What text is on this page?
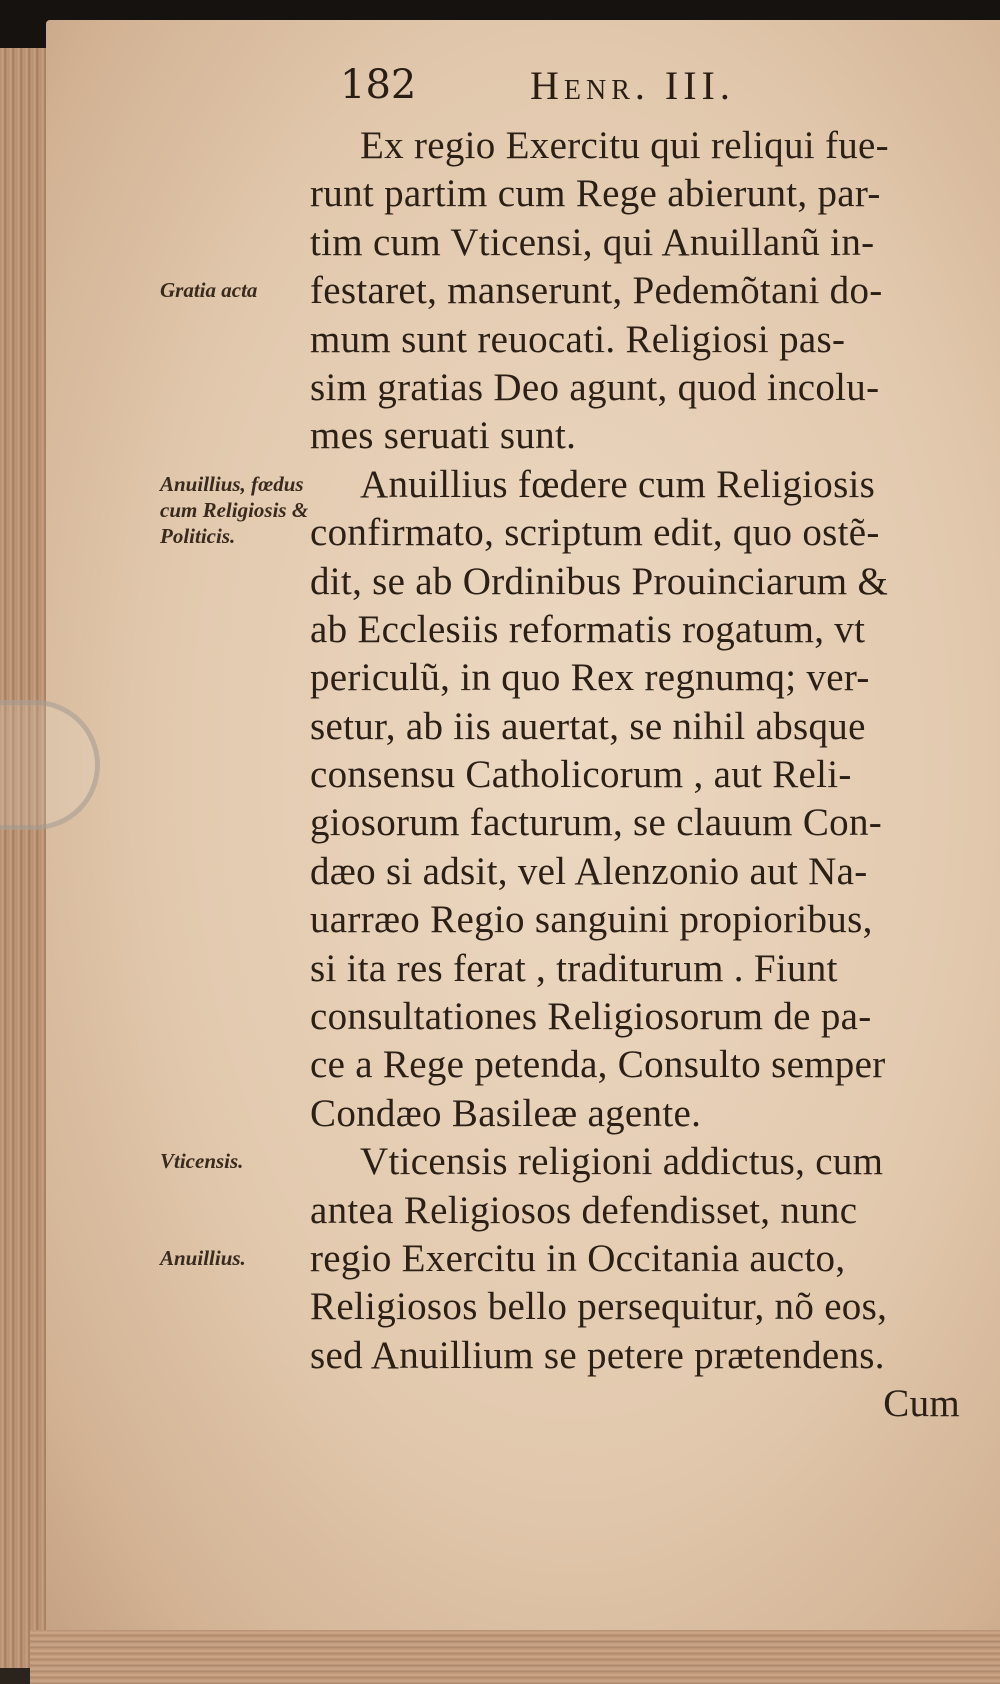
182	Henr. III.
Gratia acta
Anuillius, fœdus cum Religiosis & Politicis.
Vticensis.
Anuillius.
Ex regio Exercitu qui reliqui fue-
runt partim cum Rege abierunt, par-
tim cum Vticensi, qui Anuillanũ in-
festaret, manserunt, Pedemõtani do-
mum sunt reuocati. Religiosi pas-
sim gratias Deo agunt, quod incolu-
mes seruati sunt.
Anuillius fœdere cum Religiosis
confirmato, scriptum edit, quo ostẽ-
dit, se ab Ordinibus Prouinciarum &
ab Ecclesiis reformatis rogatum, vt
periculũ, in quo Rex regnumq; ver-
setur, ab iis auertat, se nihil absque
consensu Catholicorum , aut Reli-
giosorum facturum, se clauum Con-
dæo si adsit, vel Alenzonio aut Na-
uarræo Regio sanguini propioribus,
si ita res ferat , traditurum . Fiunt
consultationes Religiosorum de pa-
ce a Rege petenda, Consulto semper
Condæo Basileæ agente.
Vticensis religioni addictus, cum
antea Religiosos defendisset, nunc
regio Exercitu in Occitania aucto,
Religiosos bello persequitur, nõ eos,
sed Anuillium se petere prætendens.
Cum
